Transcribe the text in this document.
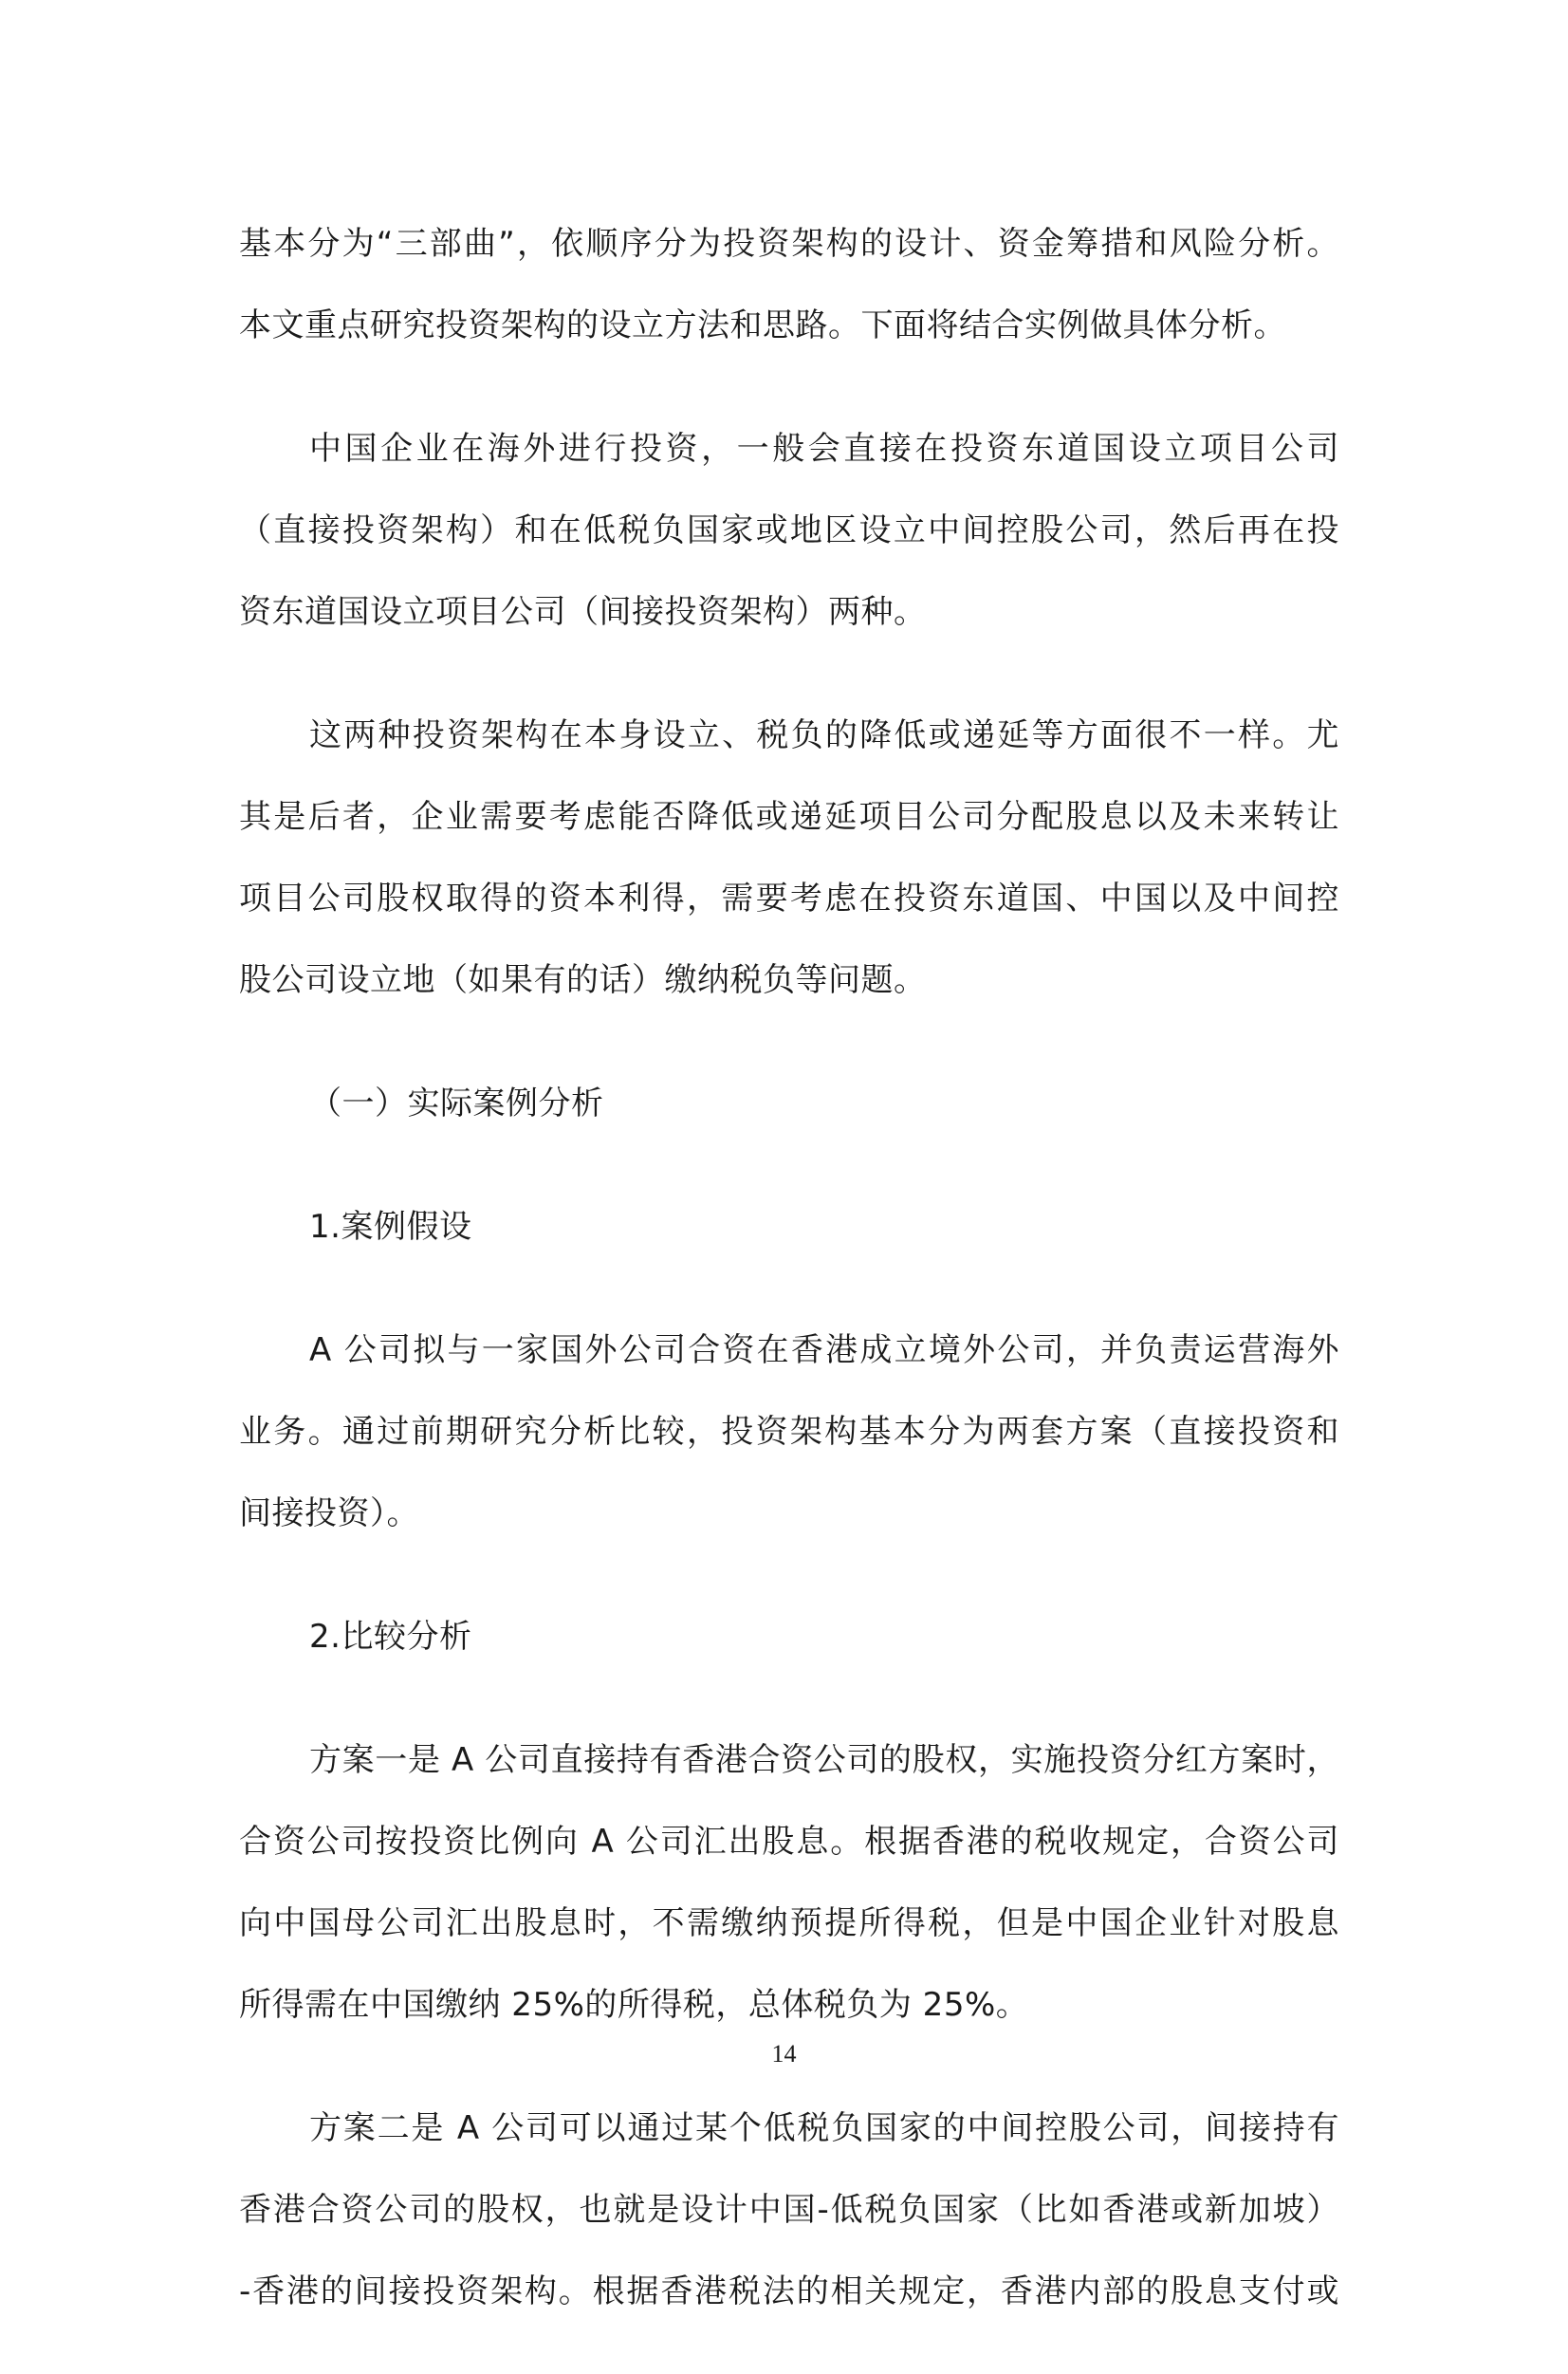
基本分为“三部曲”，依顺序分为投资架构的设计、资金筹措和风险分析。
本文重点研究投资架构的设立方法和思路。下面将结合实例做具体分析。
中国企业在海外进行投资，一般会直接在投资东道国设立项目公司
（直接投资架构）和在低税负国家或地区设立中间控股公司，然后再在投
资东道国设立项目公司（间接投资架构）两种。
这两种投资架构在本身设立、税负的降低或递延等方面很不一样。尤
其是后者，企业需要考虑能否降低或递延项目公司分配股息以及未来转让
项目公司股权取得的资本利得，需要考虑在投资东道国、中国以及中间控
股公司设立地（如果有的话）缴纳税负等问题。
（一）实际案例分析
1.案例假设
A 公司拟与一家国外公司合资在香港成立境外公司，并负责运营海外
业务。通过前期研究分析比较，投资架构基本分为两套方案（直接投资和
间接投资）。
2.比较分析
方案一是 A 公司直接持有香港合资公司的股权，实施投资分红方案时，
合资公司按投资比例向 A 公司汇出股息。根据香港的税收规定，合资公司
向中国母公司汇出股息时，不需缴纳预提所得税，但是中国企业针对股息
所得需在中国缴纳 25%的所得税，总体税负为 25%。
方案二是 A 公司可以通过某个低税负国家的中间控股公司，间接持有
香港合资公司的股权，也就是设计中国-低税负国家（比如香港或新加坡）
-香港的间接投资架构。根据香港税法的相关规定，香港内部的股息支付或
14
